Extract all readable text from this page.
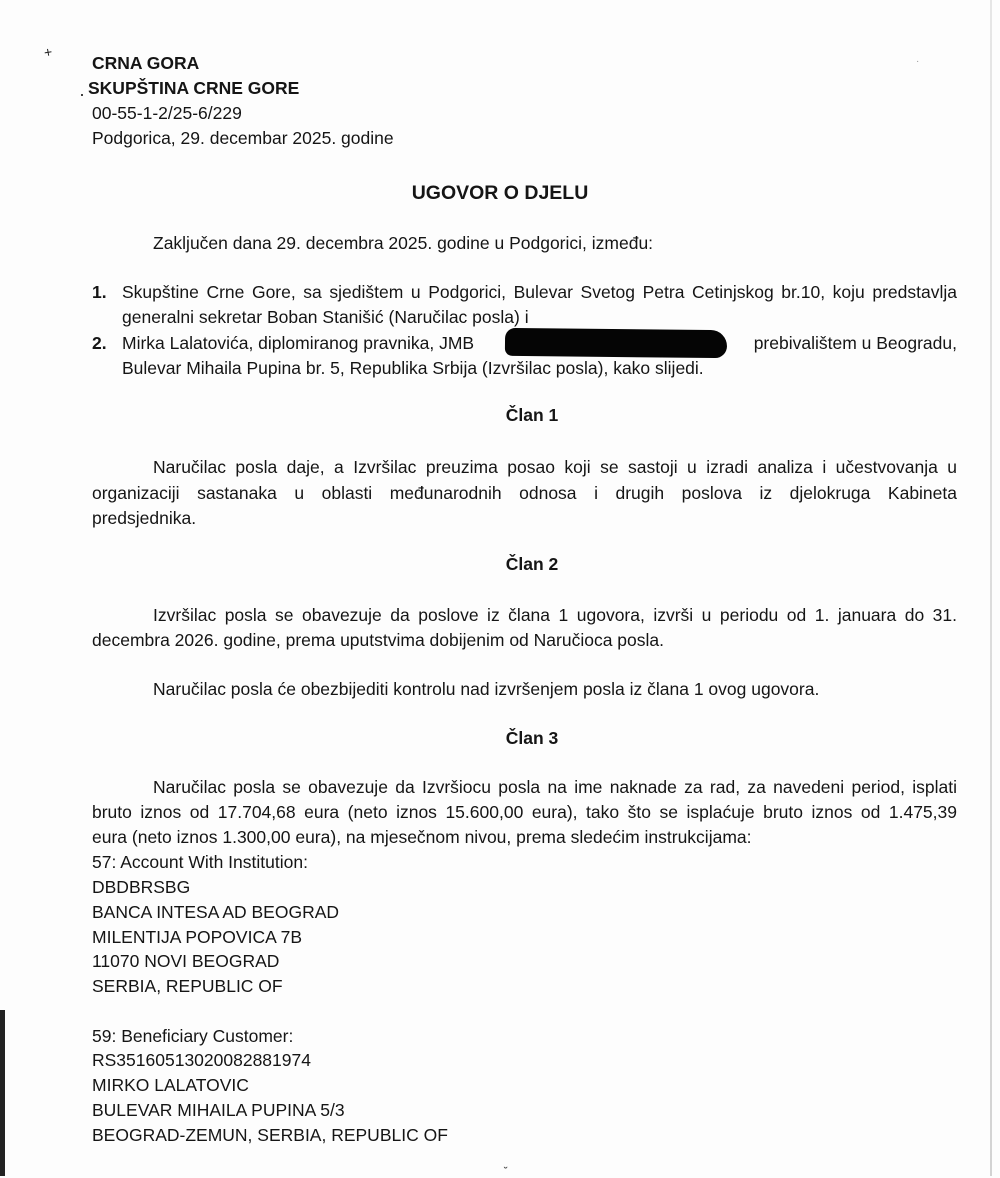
+
·
·
CRNA GORA
SKUPŠTINA CRNE GORE
00-55-1-2/25-6/229
Podgorica, 29. decembar 2025. godine
UGOVOR O DJELU
Zaključen dana 29. decembra 2025. godine u Podgorici, između:
1. Skupštine Crne Gore, sa sjedištem u Podgorici, Bulevar Svetog Petra Cetinjskog br.10, koju predstavlja
generalni sekretar Boban Stanišić (Naručilac posla) i
2. Mirka Lalatovića, diplomiranog pravnika, JMB	prebivalištem u Beogradu,
Bulevar Mihaila Pupina br. 5, Republika Srbija (Izvršilac posla), kako slijedi.
Član 1
Naručilac posla daje, a Izvršilac preuzima posao koji se sastoji u izradi analiza i učestvovanja u
organizaciji sastanaka u oblasti međunarodnih odnosa i drugih poslova iz djelokruga Kabineta
predsjednika.
Član 2
Izvršilac posla se obavezuje da poslove iz člana 1 ugovora, izvrši u periodu od 1. januara do 31.
decembra 2026. godine, prema uputstvima dobijenim od Naručioca posla.
Naručilac posla će obezbijediti kontrolu nad izvršenjem posla iz člana 1 ovog ugovora.
Član 3
Naručilac posla se obavezuje da Izvršiocu posla na ime naknade za rad, za navedeni period, isplati
bruto iznos od 17.704,68 eura (neto iznos 15.600,00 eura), tako što se isplaćuje bruto iznos od 1.475,39
eura (neto iznos 1.300,00 eura), na mjesečnom nivou, prema sledećim instrukcijama:
57: Account With Institution:
DBDBRSBG
BANCA INTESA AD BEOGRAD
MILENTIJA POPOVICA 7B
11070 NOVI BEOGRAD
SERBIA, REPUBLIC OF
59: Beneficiary Customer:
RS35160513020082881974
MIRKO LALATOVIC
BULEVAR MIHAILA PUPINA 5/3
BEOGRAD-ZEMUN, SERBIA, REPUBLIC OF
˘
